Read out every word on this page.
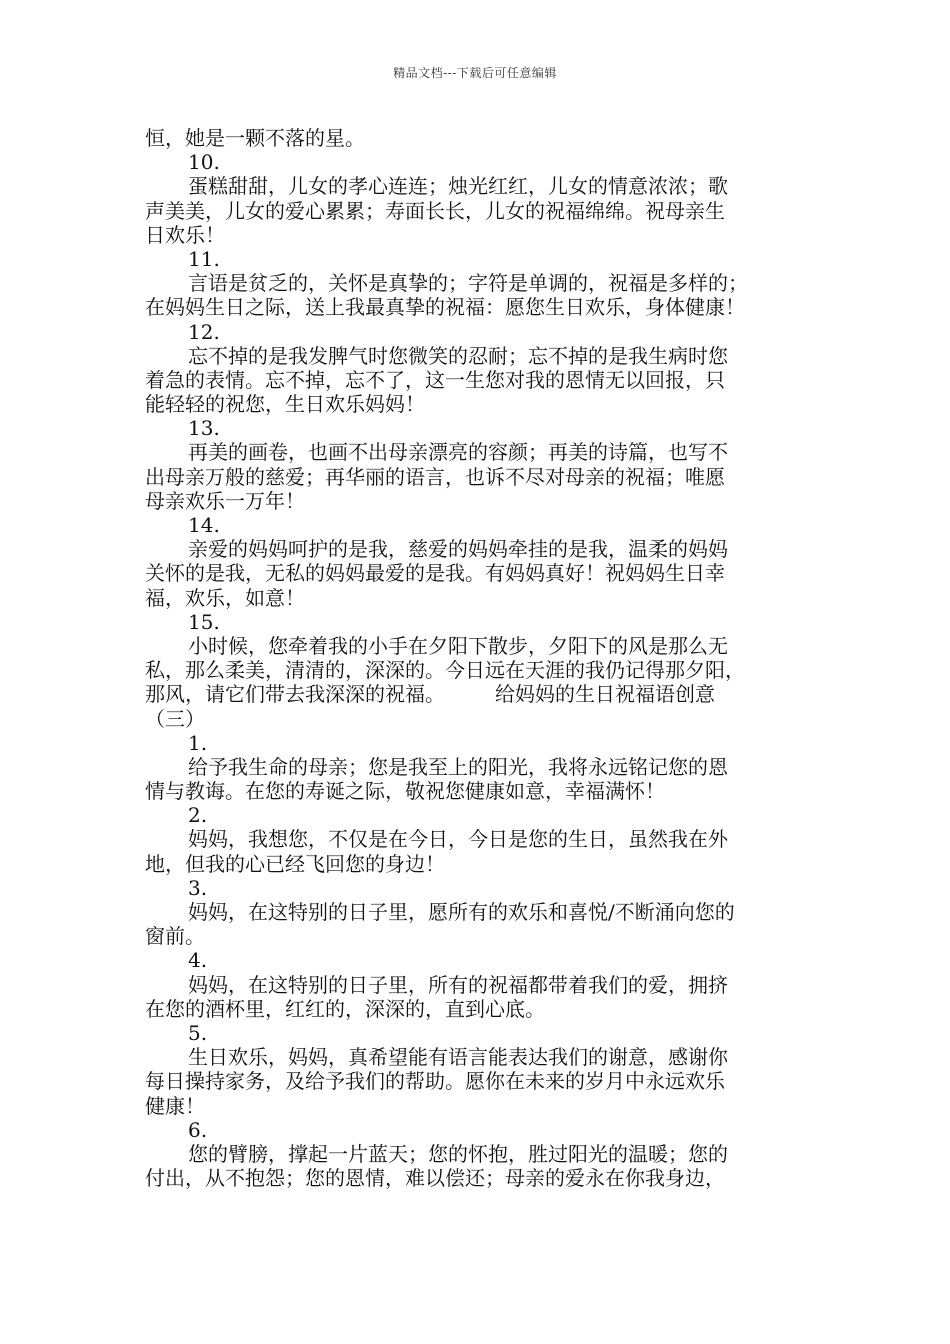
精品文档---下载后可任意编辑
恒，她是一颗不落的星。
10.
蛋糕甜甜，儿女的孝心连连；烛光红红，儿女的情意浓浓；歌
声美美，儿女的爱心累累；寿面长长，儿女的祝福绵绵。祝母亲生
日欢乐！
11.
言语是贫乏的，关怀是真挚的；字符是单调的，祝福是多样的；
在妈妈生日之际，送上我最真挚的祝福：愿您生日欢乐，身体健康！
12.
忘不掉的是我发脾气时您微笑的忍耐；忘不掉的是我生病时您
着急的表情。忘不掉，忘不了，这一生您对我的恩情无以回报，只
能轻轻的祝您，生日欢乐妈妈！
13.
再美的画卷，也画不出母亲漂亮的容颜；再美的诗篇，也写不
出母亲万般的慈爱；再华丽的语言，也诉不尽对母亲的祝福；唯愿
母亲欢乐一万年！
14.
亲爱的妈妈呵护的是我，慈爱的妈妈牵挂的是我，温柔的妈妈
关怀的是我，无私的妈妈最爱的是我。有妈妈真好！祝妈妈生日幸
福，欢乐，如意！
15.
小时候，您牵着我的小手在夕阳下散步，夕阳下的风是那么无
私，那么柔美，清清的，深深的。今日远在天涯的我仍记得那夕阳，
那风，请它们带去我深深的祝福。　　　给妈妈的生日祝福语创意
（三）
1.
给予我生命的母亲；您是我至上的阳光，我将永远铭记您的恩
情与教诲。在您的寿诞之际，敬祝您健康如意，幸福满怀！
2.
妈妈，我想您，不仅是在今日，今日是您的生日，虽然我在外
地，但我的心已经飞回您的身边！
3.
妈妈，在这特别的日子里，愿所有的欢乐和喜悦/不断涌向您的
窗前。
4.
妈妈，在这特别的日子里，所有的祝福都带着我们的爱，拥挤
在您的酒杯里，红红的，深深的，直到心底。
5.
生日欢乐，妈妈，真希望能有语言能表达我们的谢意，感谢你
每日操持家务，及给予我们的帮助。愿你在未来的岁月中永远欢乐
健康！
6.
您的臂膀，撑起一片蓝天；您的怀抱，胜过阳光的温暖；您的
付出，从不抱怨；您的恩情，难以偿还；母亲的爱永在你我身边，
